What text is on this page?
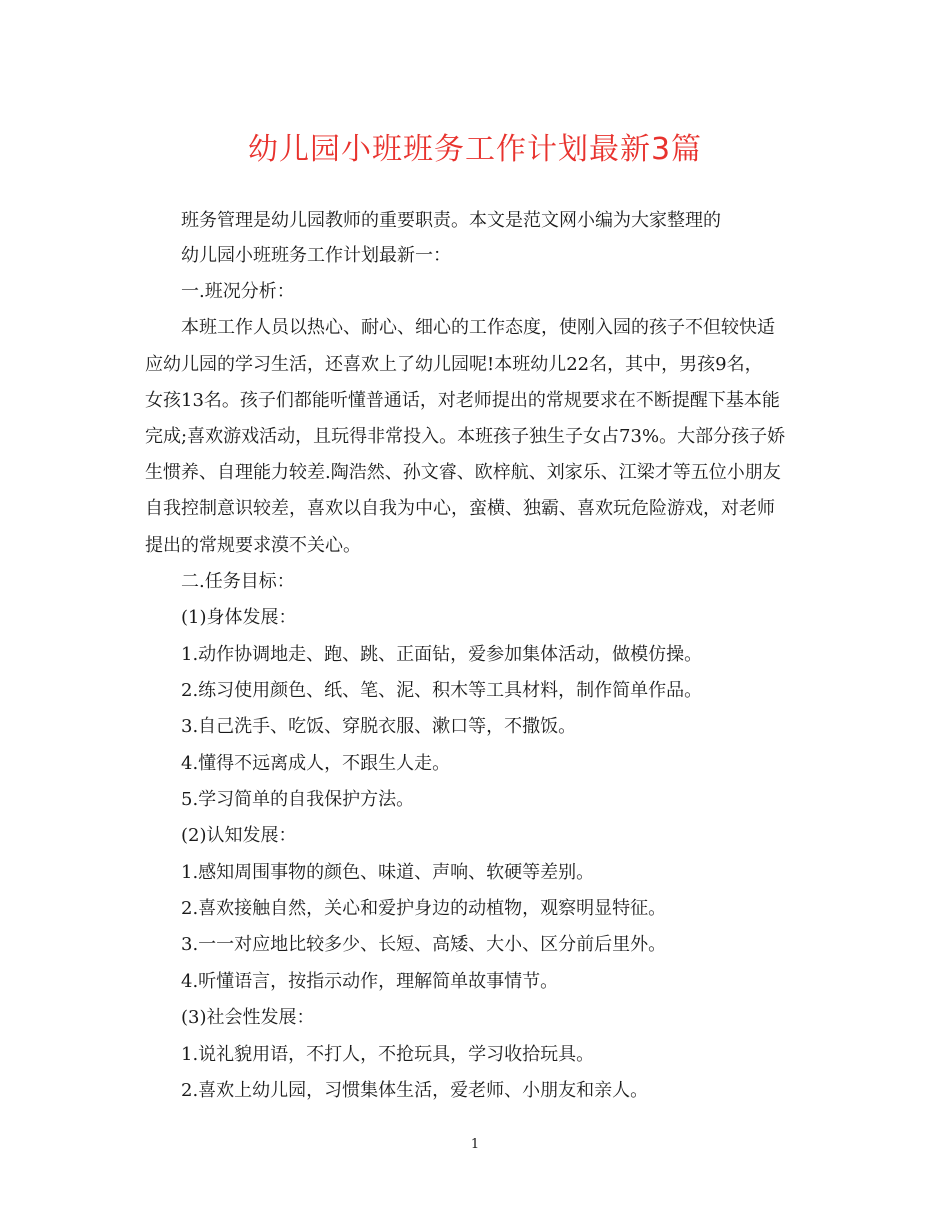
幼儿园小班班务工作计划最新3篇

班务管理是幼儿园教师的重要职责。本文是范文网小编为大家整理的

幼儿园小班班务工作计划最新一：

一.班况分析：

本班工作人员以热心、耐心、细心的工作态度，使刚入园的孩子不但较快适

应幼儿园的学习生活，还喜欢上了幼儿园呢!本班幼儿22名，其中，男孩9名，

女孩13名。孩子们都能听懂普通话，对老师提出的常规要求在不断提醒下基本能

完成;喜欢游戏活动，且玩得非常投入。本班孩子独生子女占73%。大部分孩子娇

生惯养、自理能力较差.陶浩然、孙文睿、欧梓航、刘家乐、江梁才等五位小朋友

自我控制意识较差，喜欢以自我为中心，蛮横、独霸、喜欢玩危险游戏，对老师

提出的常规要求漠不关心。

二.任务目标：

(1)身体发展：

1.动作协调地走、跑、跳、正面钻，爱参加集体活动，做模仿操。

2.练习使用颜色、纸、笔、泥、积木等工具材料，制作简单作品。

3.自己洗手、吃饭、穿脱衣服、漱口等，不撒饭。

4.懂得不远离成人，不跟生人走。

5.学习简单的自我保护方法。

(2)认知发展：

1.感知周围事物的颜色、味道、声响、软硬等差别。

2.喜欢接触自然，关心和爱护身边的动植物，观察明显特征。

3.一一对应地比较多少、长短、高矮、大小、区分前后里外。

4.听懂语言，按指示动作，理解简单故事情节。

(3)社会性发展：

1.说礼貌用语，不打人，不抢玩具，学习收拾玩具。

2.喜欢上幼儿园，习惯集体生活，爱老师、小朋友和亲人。

1
